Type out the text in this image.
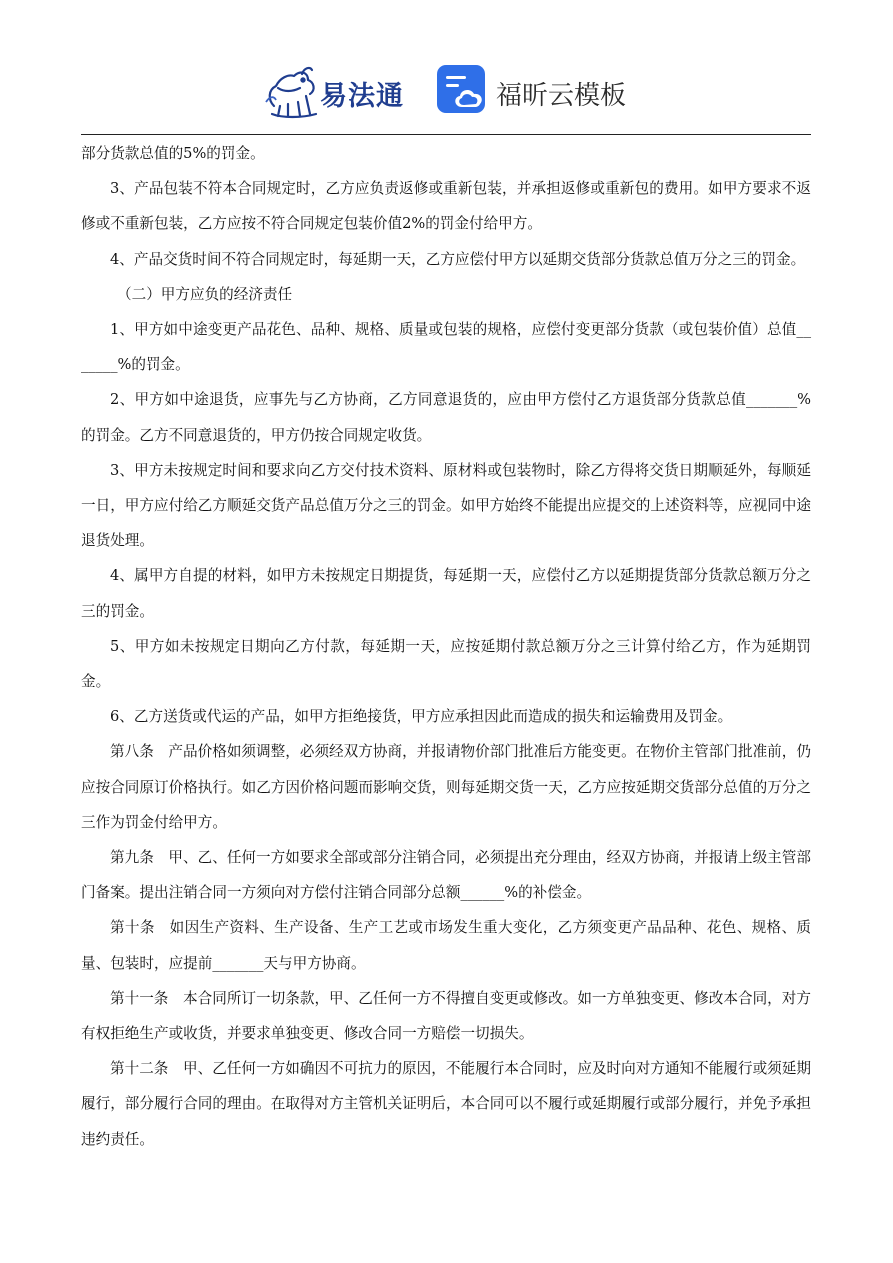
易法通	福昕云模板

部分货款总值的5%的罚金。

3、产品包装不符本合同规定时，乙方应负责返修或重新包装，并承担返修或重新包的费用。如甲方要求不返修或不重新包装，乙方应按不符合同规定包装价值2%的罚金付给甲方。

4、产品交货时间不符合同规定时，每延期一天，乙方应偿付甲方以延期交货部分货款总值万分之三的罚金。

（二）甲方应负的经济责任

1、甲方如中途变更产品花色、品种、规格、质量或包装的规格，应偿付变更部分货款（或包装价值）总值_______%的罚金。

2、甲方如中途退货，应事先与乙方协商，乙方同意退货的，应由甲方偿付乙方退货部分货款总值_______%的罚金。乙方不同意退货的，甲方仍按合同规定收货。

3、甲方未按规定时间和要求向乙方交付技术资料、原材料或包装物时，除乙方得将交货日期顺延外，每顺延一日，甲方应付给乙方顺延交货产品总值万分之三的罚金。如甲方始终不能提出应提交的上述资料等，应视同中途退货处理。

4、属甲方自提的材料，如甲方未按规定日期提货，每延期一天，应偿付乙方以延期提货部分货款总额万分之三的罚金。

5、甲方如未按规定日期向乙方付款，每延期一天，应按延期付款总额万分之三计算付给乙方，作为延期罚金。

6、乙方送货或代运的产品，如甲方拒绝接货，甲方应承担因此而造成的损失和运输费用及罚金。

第八条　产品价格如须调整，必须经双方协商，并报请物价部门批准后方能变更。在物价主管部门批准前，仍应按合同原订价格执行。如乙方因价格问题而影响交货，则每延期交货一天，乙方应按延期交货部分总值的万分之三作为罚金付给甲方。

第九条　甲、乙、任何一方如要求全部或部分注销合同，必须提出充分理由，经双方协商，并报请上级主管部门备案。提出注销合同一方须向对方偿付注销合同部分总额______%的补偿金。

第十条　如因生产资料、生产设备、生产工艺或市场发生重大变化，乙方须变更产品品种、花色、规格、质量、包装时，应提前_______天与甲方协商。

第十一条　本合同所订一切条款，甲、乙任何一方不得擅自变更或修改。如一方单独变更、修改本合同，对方有权拒绝生产或收货，并要求单独变更、修改合同一方赔偿一切损失。

第十二条　甲、乙任何一方如确因不可抗力的原因，不能履行本合同时，应及时向对方通知不能履行或须延期履行，部分履行合同的理由。在取得对方主管机关证明后，本合同可以不履行或延期履行或部分履行，并免予承担违约责任。
